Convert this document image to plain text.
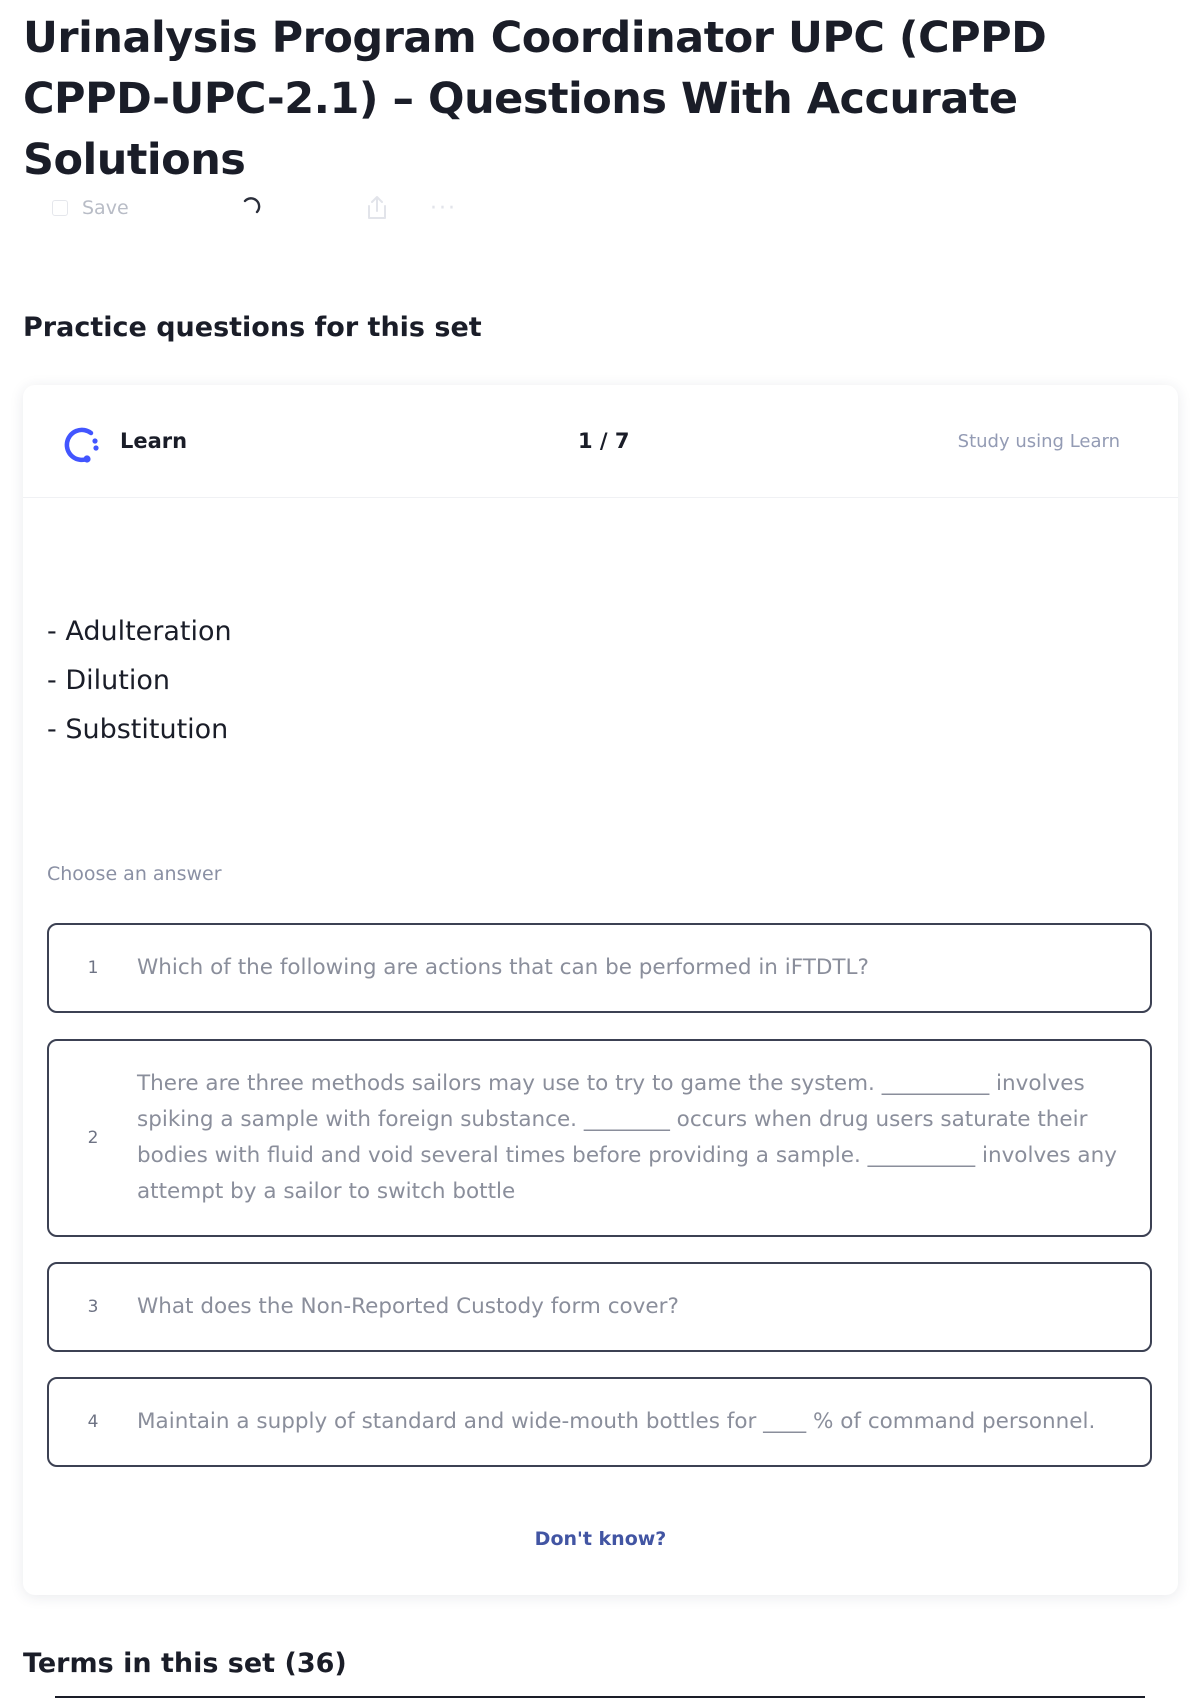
Urinalysis Program Coordinator UPC (CPPD CPPD-UPC-2.1) – Questions With Accurate Solutions
Save	···
Practice questions for this set
Learn	1 / 7	Study using Learn
- Adulteration
- Dilution
- Substitution
Choose an answer
1	Which of the following are actions that can be performed in iFTDTL?
2
There are three methods sailors may use to try to game the system. __________ involves spiking a sample with foreign substance. ________ occurs when drug users saturate their bodies with fluid and void several times before providing a sample. __________ involves any attempt by a sailor to switch bottle
3	What does the Non-Reported Custody form cover?
4	Maintain a supply of standard and wide-mouth bottles for ____ % of command personnel.
Don't know?
Terms in this set (36)
